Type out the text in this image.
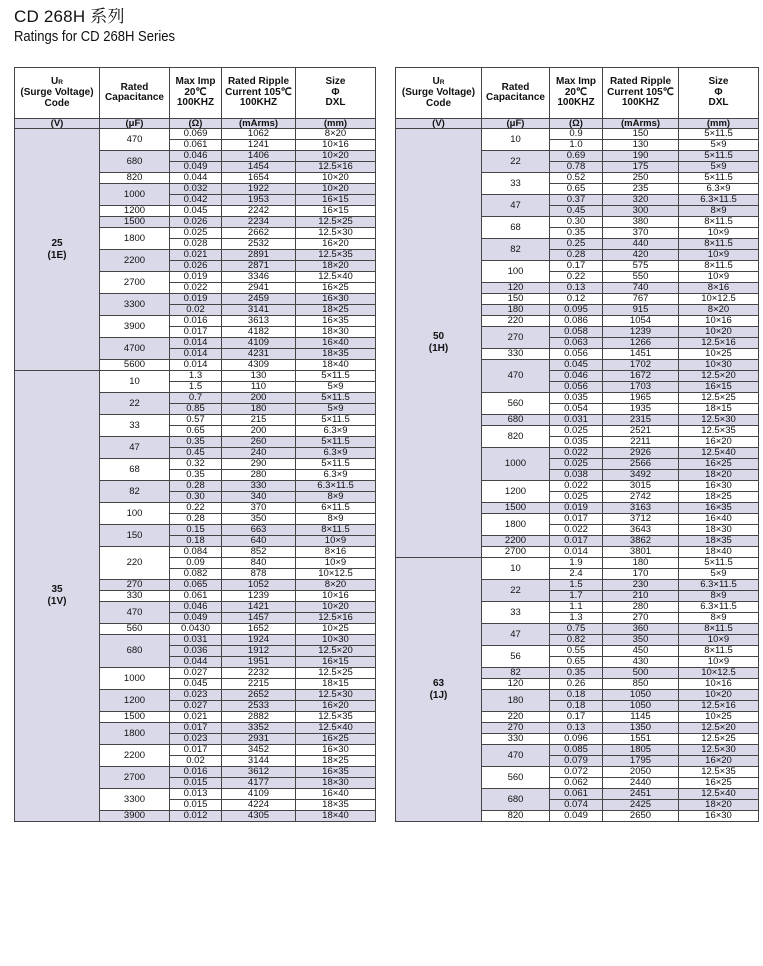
CD 268H 系列
Ratings for CD 268H Series
UR
(Surge Voltage)
Code	Rated Capacitance	Max Imp 20℃ 100KHZ	Rated Ripple Current 105℃ 100KHZ	Size Φ DXL
(V)	(μF)	(Ω)	(mArms)	(mm)

25
(1E)	470	0.069	1062	8×20
		0.061	1241	10×16
	680	0.046	1406	10×20
		0.049	1454	12.5×16
	820	0.044	1654	10×20
	1000	0.032	1922	10×20
		0.042	1953	16×15
	1200	0.045	2242	16×15
	1500	0.026	2234	12.5×25
	1800	0.025	2662	12.5×30
		0.028	2532	16×20
	2200	0.021	2891	12.5×35
		0.026	2871	18×20
	2700	0.019	3346	12.5×40
		0.022	2941	16×25
	3300	0.019	2459	16×30
		0.02	3141	18×25
	3900	0.016	3613	16×35
		0.017	4182	18×30
	4700	0.014	4109	16×40
		0.014	4231	18×35
	5600	0.014	4309	18×40

35
(1V)	10	1.3	130	5×11.5
		1.5	110	5×9
	22	0.7	200	5×11.5
		0.85	180	5×9
	33	0.57	215	5×11.5
		0.65	200	6.3×9
	47	0.35	260	5×11.5
		0.45	240	6.3×9
	68	0.32	290	5×11.5
		0.35	280	6.3×9
	82	0.28	330	6.3×11.5
		0.30	340	8×9
	100	0.22	370	6×11.5
		0.28	350	8×9
	150	0.15	663	8×11.5
		0.18	640	10×9
	220	0.084	852	8×16
		0.09	840	10×9
		0.082	878	10×12.5
	270	0.065	1052	8×20
	330	0.061	1239	10×16
	470	0.046	1421	10×20
		0.049	1457	12.5×16
	560	0.0430	1652	10×25
	680	0.031	1924	10×30
		0.036	1912	12.5×20
		0.044	1951	16×15
	1000	0.027	2232	12.5×25
		0.045	2215	18×15
	1200	0.023	2652	12.5×30
		0.027	2533	16×20
	1500	0.021	2882	12.5×35
	1800	0.017	3352	12.5×40
		0.023	2931	16×25
	2200	0.017	3452	16×30
		0.02	3144	18×25
	2700	0.016	3612	16×35
		0.015	4177	18×30
	3300	0.013	4109	16×40
		0.015	4224	18×35
	3900	0.012	4305	18×40
UR
(Surge Voltage)
Code	Rated Capacitance	Max Imp 20℃ 100KHZ	Rated Ripple Current 105℃ 100KHZ	Size Φ DXL
(V)	(μF)	(Ω)	(mArms)	(mm)

50
(1H)	10	0.9	150	5×11.5
		1.0	130	5×9
	22	0.69	190	5×11.5
		0.78	175	5×9
	33	0.52	250	5×11.5
		0.65	235	6.3×9
	47	0.37	320	6.3×11.5
		0.45	300	8×9
	68	0.30	380	8×11.5
		0.35	370	10×9
	82	0.25	440	8×11.5
		0.28	420	10×9
	100	0.17	575	8×11.5
		0.22	550	10×9
	120	0.13	740	8×16
	150	0.12	767	10×12.5
	180	0.095	915	8×20
	220	0.086	1054	10×16
	270	0.058	1239	10×20
		0.063	1266	12.5×16
	330	0.056	1451	10×25
	470	0.045	1702	10×30
		0.046	1672	12.5×20
		0.056	1703	16×15
	560	0.035	1965	12.5×25
		0.054	1935	18×15
	680	0.031	2315	12.5×30
	820	0.025	2521	12.5×35
		0.035	2211	16×20
	1000	0.022	2926	12.5×40
		0.025	2566	16×25
		0.038	3492	18×20
	1200	0.022	3015	16×30
		0.025	2742	18×25
	1500	0.019	3163	16×35
	1800	0.017	3712	16×40
		0.022	3643	18×30
	2200	0.017	3862	18×35
	2700	0.014	3801	18×40

63
(1J)	10	1.9	180	5×11.5
		2.4	170	5×9
	22	1.5	230	6.3×11.5
		1.7	210	8×9
	33	1.1	280	6.3×11.5
		1.3	270	8×9
	47	0.75	360	8×11.5
		0.82	350	10×9
	56	0.55	450	8×11.5
		0.65	430	10×9
	82	0.35	500	10×12.5
	120	0.26	850	10×16
	180	0.18	1050	10×20
		0.18	1050	12.5×16
	220	0.17	1145	10×25
	270	0.13	1350	12.5×20
	330	0.096	1551	12.5×25
	470	0.085	1805	12.5×30
		0.079	1795	16×20
	560	0.072	2050	12.5×35
		0.062	2440	16×25
	680	0.061	2451	12.5×40
		0.074	2425	18×20
	820	0.049	2650	16×30
